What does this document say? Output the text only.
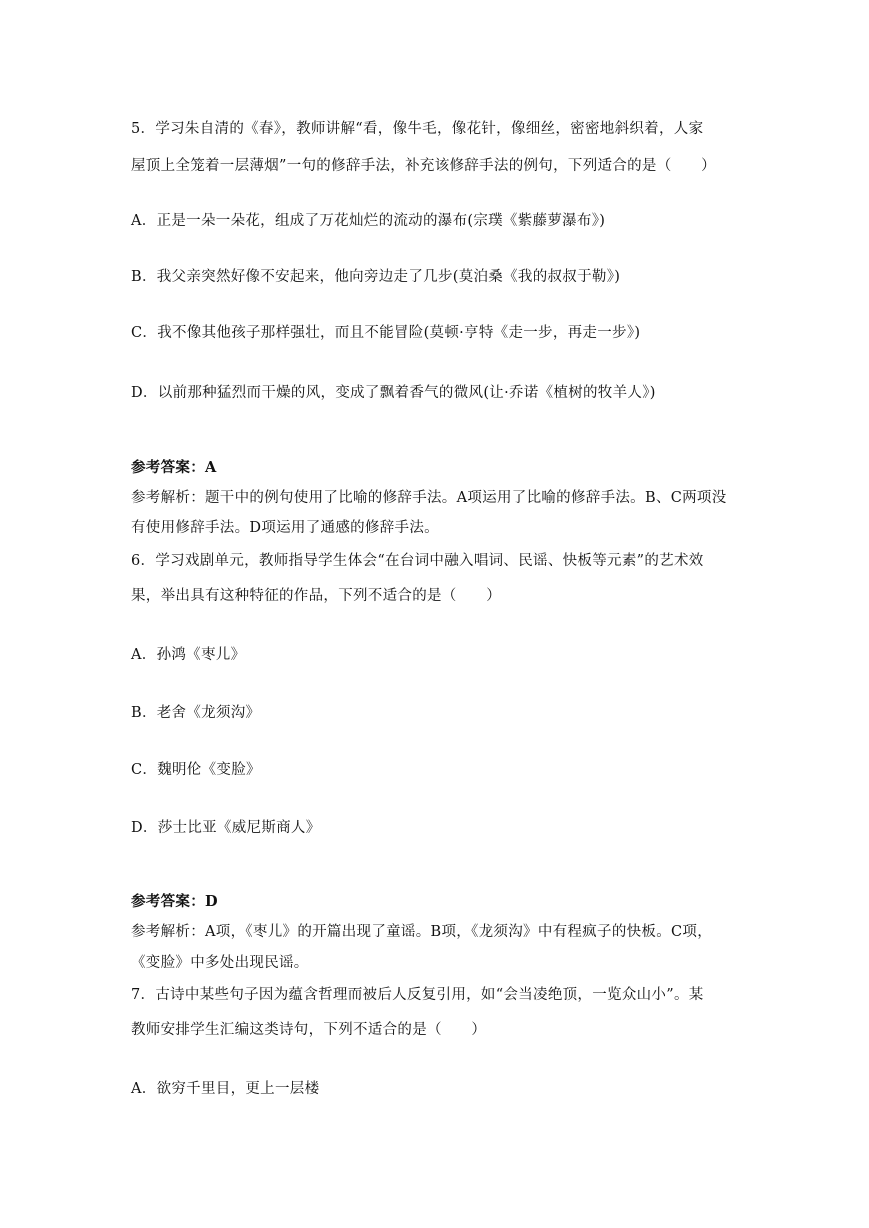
5．学习朱自清的《春》，教师讲解“看，像牛毛，像花针，像细丝，密密地斜织着，人家
屋顶上全笼着一层薄烟”一句的修辞手法，补充该修辞手法的例句，下列适合的是（　　）
A．正是一朵一朵花，组成了万花灿烂的流动的瀑布(宗璞《紫藤萝瀑布》)
B．我父亲突然好像不安起来，他向旁边走了几步(莫泊桑《我的叔叔于勒》)
C．我不像其他孩子那样强壮，而且不能冒险(莫顿·亨特《走一步，再走一步》)
D．以前那种猛烈而干燥的风，变成了飘着香气的微风(让·乔诺《植树的牧羊人》)
参考答案：A
参考解析：题干中的例句使用了比喻的修辞手法。A项运用了比喻的修辞手法。B、C两项没
有使用修辞手法。D项运用了通感的修辞手法。
6．学习戏剧单元，教师指导学生体会“在台词中融入唱词、民谣、快板等元素”的艺术效
果，举出具有这种特征的作品，下列不适合的是（　　）
A．孙鸿《枣儿》
B．老舍《龙须沟》
C．魏明伦《变脸》
D．莎士比亚《威尼斯商人》
参考答案：D
参考解析：A项，《枣儿》的开篇出现了童谣。B项，《龙须沟》中有程疯子的快板。C项，
《变脸》中多处出现民谣。
7．古诗中某些句子因为蕴含哲理而被后人反复引用，如“会当凌绝顶，一览众山小”。某
教师安排学生汇编这类诗句，下列不适合的是（　　）
A．欲穷千里目，更上一层楼
